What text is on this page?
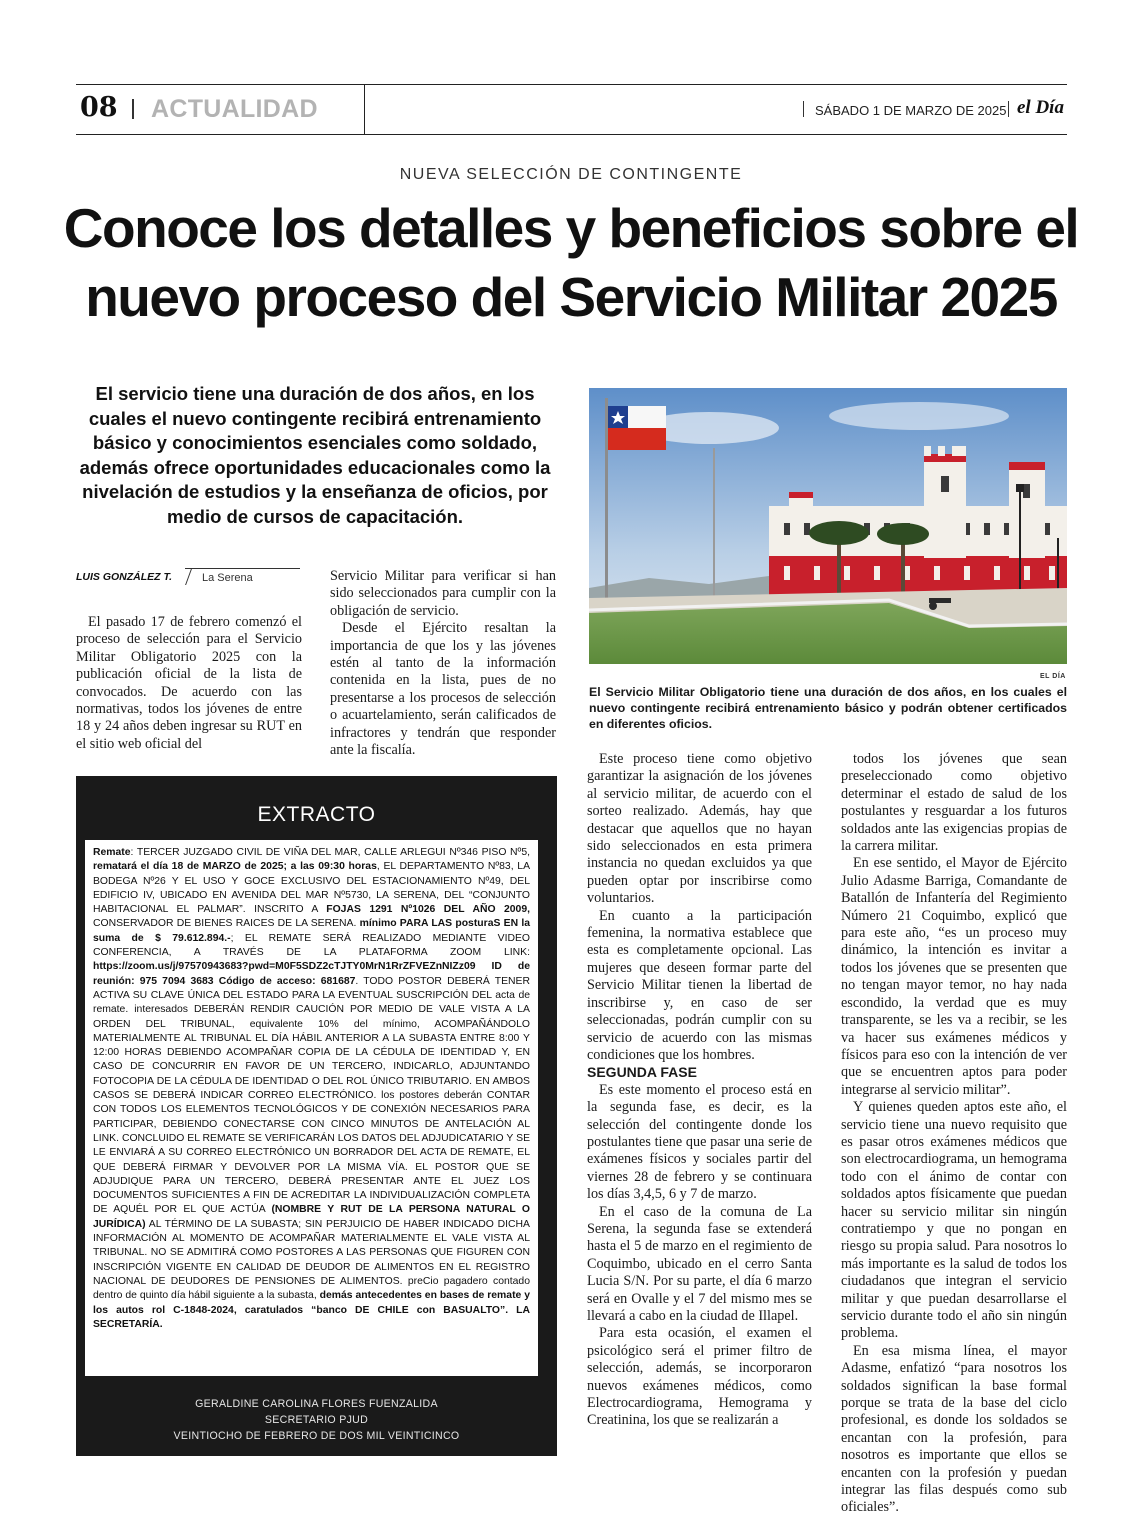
08 ACTUALIDAD	SÁBADO 1 DE MARZO DE 2025 el Día
NUEVA SELECCIÓN DE CONTINGENTE
Conoce los detalles y beneficios sobre el
nuevo proceso del Servicio Militar 2025
El servicio tiene una duración de dos años, en los cuales el nuevo contingente recibirá entrenamiento básico y conocimientos esenciales como soldado, además ofrece oportunidades educacionales como la nivelación de estudios y la enseñanza de oficios, por medio de cursos de capacitación.
LUIS GONZÁLEZ T.	La Serena

El pasado 17 de febrero comenzó el proceso de selección para el Servicio Militar Obligatorio 2025 con la publicación oficial de la lista de convocados. De acuerdo con las normativas, todos los jóvenes de entre 18 y 24 años deben ingresar su RUT en el sitio web oficial del

Servicio Militar para verificar si han sido seleccionados para cumplir con la obligación de servicio.

Desde el Ejército resaltan la importancia de que los y las jóvenes estén al tanto de la información contenida en la lista, pues de no presentarse a los procesos de selección o acuartelamiento, serán calificados de infractores y tendrán que responder ante la fiscalía.

EL DÍA
El Servicio Militar Obligatorio tiene una duración de dos años, en los cuales el nuevo contingente recibirá entrenamiento básico y podrán obtener certificados en diferentes oficios.

Este proceso tiene como objetivo garantizar la asignación de los jóvenes al servicio militar, de acuerdo con el sorteo realizado. Además, hay que destacar que aquellos que no hayan sido seleccionados en esta primera instancia no quedan excluidos ya que pueden optar por inscribirse como voluntarios.

En cuanto a la participación femenina, la normativa establece que esta es completamente opcional. Las mujeres que deseen formar parte del Servicio Militar tienen la libertad de inscribirse y, en caso de ser seleccionadas, podrán cumplir con su servicio de acuerdo con las mismas condiciones que los hombres.

SEGUNDA FASE

Es este momento el proceso está en la segunda fase, es decir, es la selección del contingente donde los postulantes tiene que pasar una serie de exámenes físicos y sociales partir del viernes 28 de febrero y se continuara los días 3,4,5, 6 y 7 de marzo.

En el caso de la comuna de La Serena, la segunda fase se extenderá hasta el 5 de marzo en el regimiento de Coquimbo, ubicado en el cerro Santa Lucia S/N. Por su parte, el día 6 marzo será en Ovalle y el 7 del mismo mes se llevará a cabo en la ciudad de Illapel.

Para esta ocasión, el examen el psicológico será el primer filtro de selección, además, se incorporaron nuevos exámenes médicos, como Electrocardiograma, Hemograma y Creatinina, los que se realizarán a

todos los jóvenes que sean preseleccionado como objetivo determinar el estado de salud de los postulantes y resguardar a los futuros soldados ante las exigencias propias de la carrera militar.

En ese sentido, el Mayor de Ejército Julio Adasme Barriga, Comandante de Batallón de Infantería del Regimiento Número 21 Coquimbo, explicó que para este año, “es un proceso muy dinámico, la intención es invitar a todos los jóvenes que se presenten que no tengan mayor temor, no hay nada escondido, la verdad que es muy transparente, se les va a recibir, se les va hacer sus exámenes médicos y físicos para eso con la intención de ver que se encuentren aptos para poder integrarse al servicio militar”.

Y quienes queden aptos este año, el servicio tiene una nuevo requisito que es pasar otros exámenes médicos que son electrocardiograma, un hemograma todo con el ánimo de contar con soldados aptos físicamente que puedan hacer su servicio militar sin ningún contratiempo y que no pongan en riesgo su propia salud. Para nosotros lo más importante es la salud de todos los ciudadanos que integran el servicio militar y que puedan desarrollarse el servicio durante todo el año sin ningún problema.

En esa misma línea, el mayor Adasme, enfatizó “para nosotros los soldados significan la base formal porque se trata de la base del ciclo profesional, es donde los soldados se encantan con la profesión, para nosotros es importante que ellos se encanten con la profesión y puedan integrar las filas después como sub oficiales”.

EXTRACTO
Remate: TERCER JUZGADO CIVIL DE VIÑA DEL MAR, CALLE ARLEGUI Nº346 PISO Nº5, rematará el día 18 de MARZO de 2025; a las 09:30 horas, EL DEPARTAMENTO Nº83, LA BODEGA Nº26 Y EL USO Y GOCE EXCLUSIVO DEL ESTACIONAMIENTO Nº49, DEL EDIFICIO IV, UBICADO EN AVENIDA DEL MAR Nº5730, LA SERENA, DEL “CONJUNTO HABITACIONAL EL PALMAR”. INSCRITO A FOJAS 1291 Nº1026 DEL AÑO 2009, CONSERVADOR DE BIENES RAICES DE LA SERENA. mínimo PARA LAS posturaS EN la suma de $ 79.612.894.-; EL REMATE SERÁ REALIZADO MEDIANTE VIDEO CONFERENCIA, A TRAVÉS DE LA PLATAFORMA ZOOM LINK: https://zoom.us/j/97570943683?pwd=M0F5SDZ2cTJTY0MrN1RrZFVEZnNIZz09 ID de reunión: 975 7094 3683 Código de acceso: 681687. TODO POSTOR DEBERÁ TENER ACTIVA SU CLAVE ÚNICA DEL ESTADO PARA LA EVENTUAL SUSCRIPCIÓN DEL acta de remate. interesados DEBERÁN RENDIR CAUCIÓN POR MEDIO DE VALE VISTA A LA ORDEN DEL TRIBUNAL, equivalente 10% del mínimo, ACOMPAÑÁNDOLO MATERIALMENTE AL TRIBUNAL EL DÍA HÁBIL ANTERIOR A LA SUBASTA ENTRE 8:00 Y 12:00 HORAS DEBIENDO ACOMPAÑAR COPIA DE LA CÉDULA DE IDENTIDAD Y, EN CASO DE CONCURRIR EN FAVOR DE UN TERCERO, INDICARLO, ADJUNTANDO FOTOCOPIA DE LA CÉDULA DE IDENTIDAD O DEL ROL ÚNICO TRIBUTARIO. EN AMBOS CASOS SE DEBERÁ INDICAR CORREO ELECTRÓNICO. los postores deberán CONTAR CON TODOS LOS ELEMENTOS TECNOLÓGICOS Y DE CONEXIÓN NECESARIOS PARA PARTICIPAR, DEBIENDO CONECTARSE CON CINCO MINUTOS DE ANTELACIÓN AL LINK. CONCLUIDO EL REMATE SE VERIFICARÁN LOS DATOS DEL ADJUDICATARIO Y SE LE ENVIARÁ A SU CORREO ELECTRÓNICO UN BORRADOR DEL ACTA DE REMATE, EL QUE DEBERÁ FIRMAR Y DEVOLVER POR LA MISMA VÍA. EL POSTOR QUE SE ADJUDIQUE PARA UN TERCERO, DEBERÁ PRESENTAR ANTE EL JUEZ LOS DOCUMENTOS SUFICIENTES A FIN DE ACREDITAR LA INDIVIDUALIZACIÓN COMPLETA DE AQUÉL POR EL QUE ACTÚA (NOMBRE Y RUT DE LA PERSONA NATURAL O JURÍDICA) AL TÉRMINO DE LA SUBASTA; SIN PERJUICIO DE HABER INDICADO DICHA INFORMACIÓN AL MOMENTO DE ACOMPAÑAR MATERIALMENTE EL VALE VISTA AL TRIBUNAL. NO SE ADMITIRÁ COMO POSTORES A LAS PERSONAS QUE FIGUREN CON INSCRIPCIÓN VIGENTE EN CALIDAD DE DEUDOR DE ALIMENTOS EN EL REGISTRO NACIONAL DE DEUDORES DE PENSIONES DE ALIMENTOS. preCio pagadero contado dentro de quinto día hábil siguiente a la subasta, demás antecedentes en bases de remate y los autos rol C-1848-2024, caratulados “banco DE CHILE con BASUALTO”. LA SECRETARÍA.
GERALDINE CAROLINA FLORES FUENZALIDA
SECRETARIO PJUD
VEINTIOCHO DE FEBRERO DE DOS MIL VEINTICINCO
